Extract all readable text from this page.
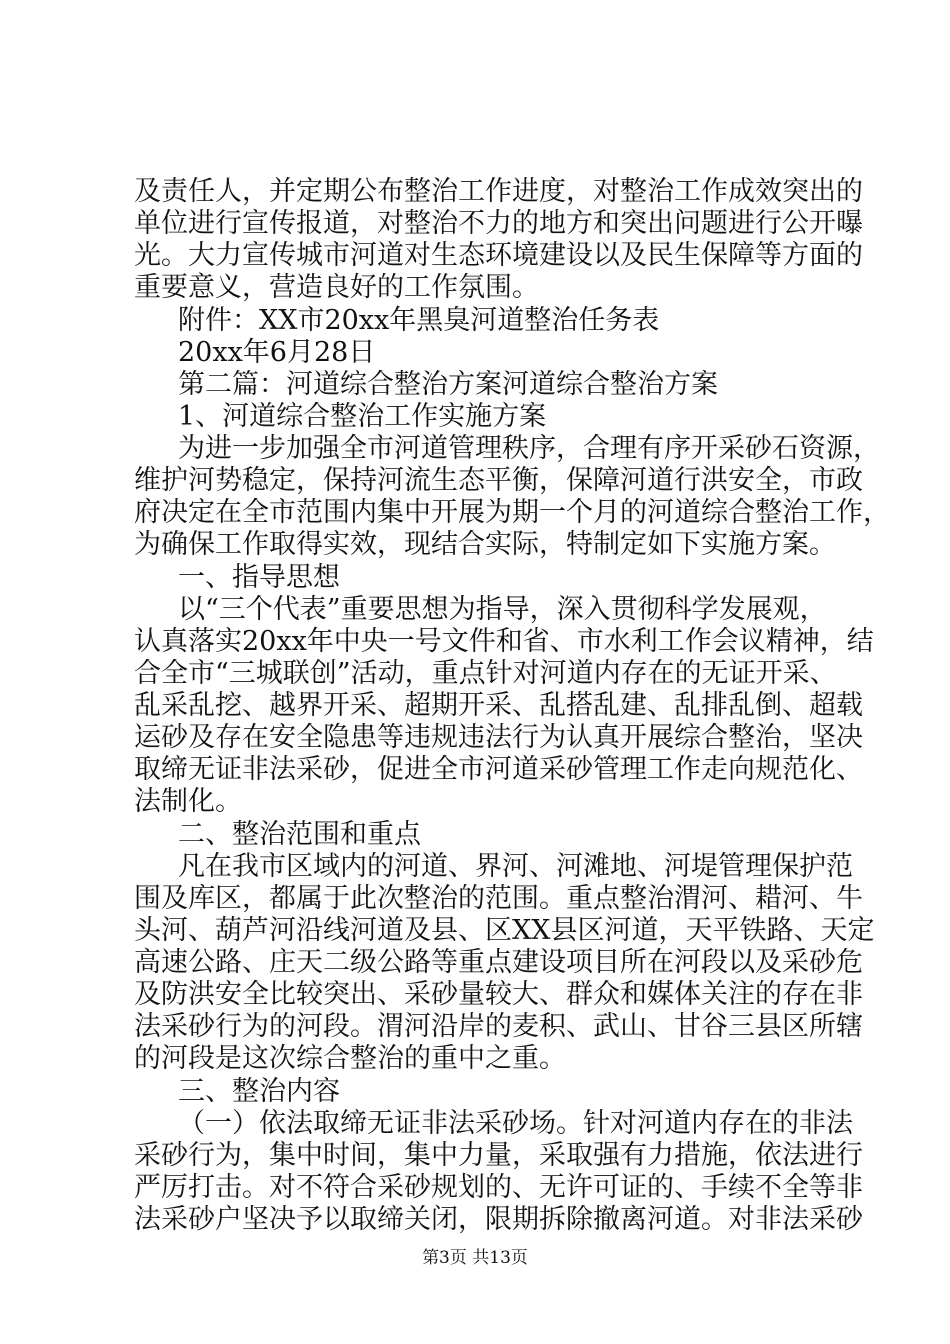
及责任人，并定期公布整治工作进度，对整治工作成效突出的
单位进行宣传报道，对整治不力的地方和突出问题进行公开曝
光。大力宣传城市河道对生态环境建设以及民生保障等方面的
重要意义，营造良好的工作氛围。
附件：XX市20xx年黑臭河道整治任务表
20xx年6月28日
第二篇：河道综合整治方案河道综合整治方案
1、河道综合整治工作实施方案
为进一步加强全市河道管理秩序，合理有序开采砂石资源，
维护河势稳定，保持河流生态平衡，保障河道行洪安全，市政
府决定在全市范围内集中开展为期一个月的河道综合整治工作，
为确保工作取得实效，现结合实际，特制定如下实施方案。
一、指导思想
以“三个代表”重要思想为指导，深入贯彻科学发展观，
认真落实20xx年中央一号文件和省、市水利工作会议精神，结
合全市“三城联创”活动，重点针对河道内存在的无证开采、
乱采乱挖、越界开采、超期开采、乱搭乱建、乱排乱倒、超载
运砂及存在安全隐患等违规违法行为认真开展综合整治，坚决
取缔无证非法采砂，促进全市河道采砂管理工作走向规范化、
法制化。
二、整治范围和重点
凡在我市区域内的河道、界河、河滩地、河堤管理保护范
围及库区，都属于此次整治的范围。重点整治渭河、耤河、牛
头河、葫芦河沿线河道及县、区XX县区河道，天平铁路、天定
高速公路、庄天二级公路等重点建设项目所在河段以及采砂危
及防洪安全比较突出、采砂量较大、群众和媒体关注的存在非
法采砂行为的河段。渭河沿岸的麦积、武山、甘谷三县区所辖
的河段是这次综合整治的重中之重。
三、整治内容
（一）依法取缔无证非法采砂场。针对河道内存在的非法
采砂行为，集中时间，集中力量，采取强有力措施，依法进行
严厉打击。对不符合采砂规划的、无许可证的、手续不全等非
法采砂户坚决予以取缔关闭，限期拆除撤离河道。对非法采砂
第3页 共13页
